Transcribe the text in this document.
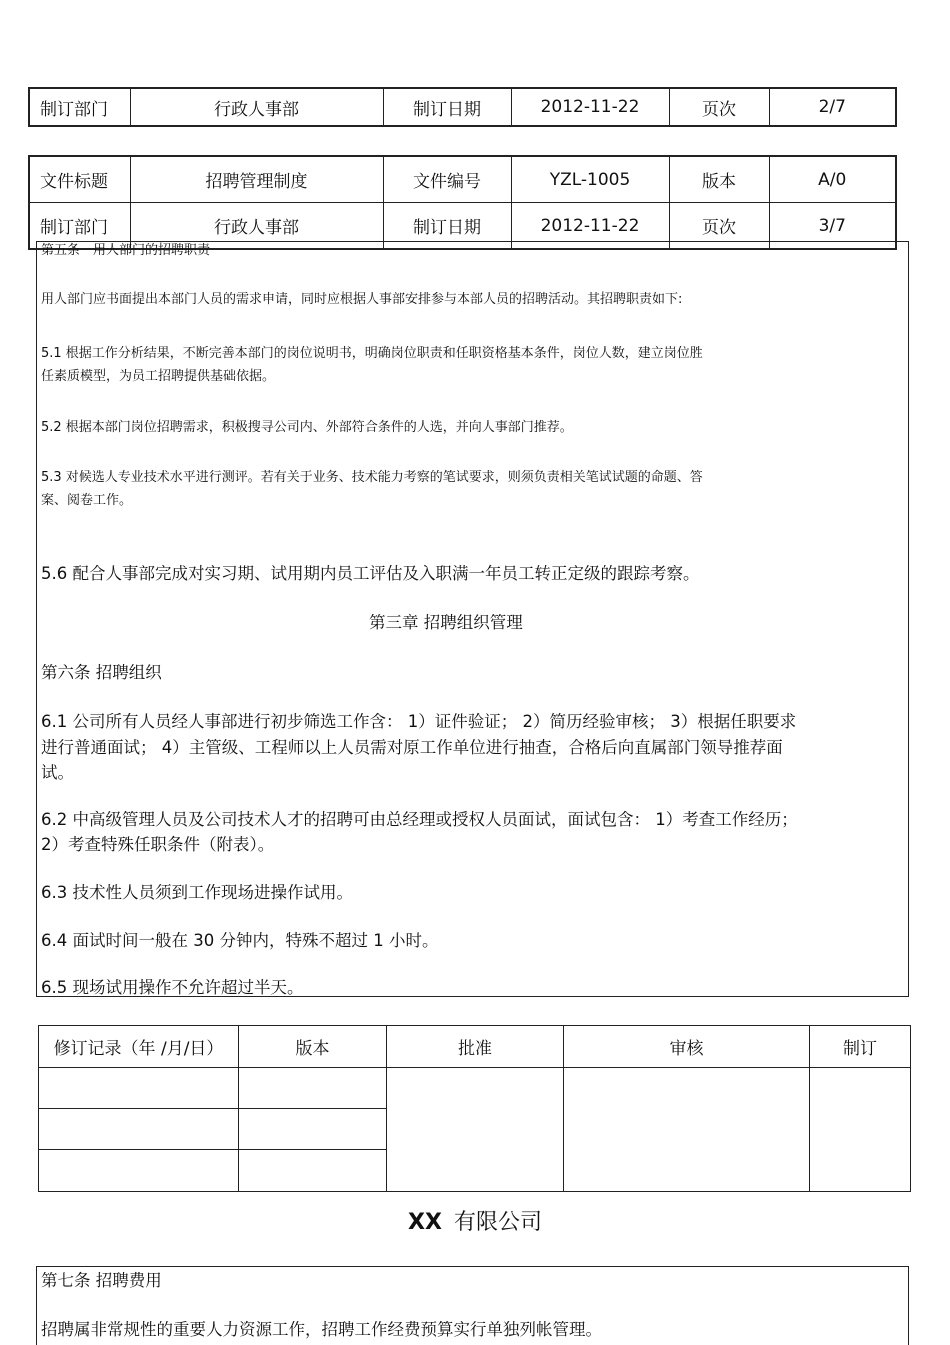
制订部门	行政人事部	制订日期	2012-11-22	页次	2/7
文件标题	招聘管理制度	文件编号	YZL-1005	版本	A/0
制订部门	行政人事部	制订日期	2012-11-22	页次	3/7

第五条　用人部门的招聘职责

用人部门应书面提出本部门人员的需求申请，同时应根据人事部安排参与本部人员的招聘活动。其招聘职责如下:

5.1 根据工作分析结果，不断完善本部门的岗位说明书，明确岗位职责和任职资格基本条件，岗位人数，建立岗位胜

任素质模型，为员工招聘提供基础依据。

5.2 根据本部门岗位招聘需求，积极搜寻公司内、外部符合条件的人选，并向人事部门推荐。

5.3 对候选人专业技术水平进行测评。若有关于业务、技术能力考察的笔试要求，则须负责相关笔试试题的命题、答

案、阅卷工作。

5.6 配合人事部完成对实习期、试用期内员工评估及入职满一年员工转正定级的跟踪考察。

第三章 招聘组织管理

第六条 招聘组织

6.1 公司所有人员经人事部进行初步筛选工作含： 1）证件验证； 2）简历经验审核； 3）根据任职要求

进行普通面试； 4）主管级、工程师以上人员需对原工作单位进行抽查，合格后向直属部门领导推荐面

试。

6.2 中高级管理人员及公司技术人才的招聘可由总经理或授权人员面试，面试包含： 1）考查工作经历；

2）考查特殊任职条件（附表）。

6.3 技术性人员须到工作现场进操作试用。

6.4 面试时间一般在 30 分钟内，特殊不超过 1 小时。

6.5 现场试用操作不允许超过半天。

修订记录（年 /月/日）	版本	批准	审核	制订

XX 有限公司

第七条 招聘费用

招聘属非常规性的重要人力资源工作，招聘工作经费预算实行单独列帐管理。
